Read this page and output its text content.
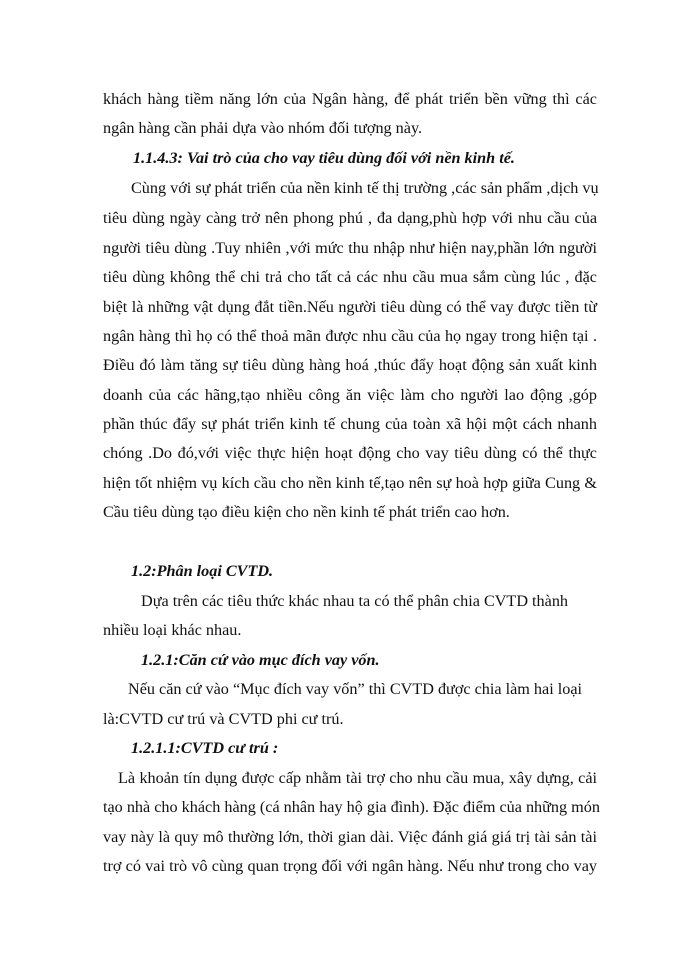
khách hàng tiềm năng lớn của Ngân hàng, để phát triển bền vững thì các
ngân hàng cần phải dựa vào nhóm đối tượng này.
1.1.4.3: Vai trò của cho vay tiêu dùng đối với nền kinh tế.
Cùng với sự phát triển của nền kinh tế thị trường ,các sản phẩm ,dịch vụ
tiêu dùng ngày càng trở nên phong phú , đa dạng,phù hợp với nhu cầu của
người tiêu dùng .Tuy nhiên ,với mức thu nhập như hiện nay,phần lớn người
tiêu dùng không thể chi trả cho tất cả các nhu cầu mua sắm cùng lúc , đặc
biệt là những vật dụng đắt tiền.Nếu người tiêu dùng có thể vay được tiền từ
ngân hàng thì họ có thể thoả mãn được nhu cầu của họ ngay trong hiện tại .
Điều đó làm tăng sự tiêu dùng hàng hoá ,thúc đẩy hoạt động sản xuất kinh
doanh của các hãng,tạo nhiều công ăn việc làm cho người lao động ,góp
phần thúc đẩy sự phát triển kinh tế chung của toàn xã hội một cách nhanh
chóng .Do đó,với việc thực hiện hoạt động cho vay tiêu dùng có thể thực
hiện tốt nhiệm vụ kích cầu cho nền kinh tế,tạo nên sự hoà hợp giữa Cung &
Cầu tiêu dùng tạo điều kiện cho nền kinh tế phát triển cao hơn.
1.2:Phân loại CVTD.
Dựa trên các tiêu thức khác nhau ta có thể phân chia CVTD thành
nhiều loại khác nhau.
1.2.1:Căn cứ vào mục đích vay vốn.
Nếu căn cứ vào “Mục đích vay vốn” thì CVTD được chia làm hai loại
là:CVTD cư trú và CVTD phi cư trú.
1.2.1.1:CVTD cư trú :
Là khoản tín dụng được cấp nhằm tài trợ cho nhu cầu mua, xây dựng, cải
tạo nhà cho khách hàng (cá nhân hay hộ gia đình). Đặc điểm của những món
vay này là quy mô thường lớn, thời gian dài. Việc đánh giá giá trị tài sản tài
trợ có vai trò vô cùng quan trọng đối với ngân hàng. Nếu như trong cho vay
